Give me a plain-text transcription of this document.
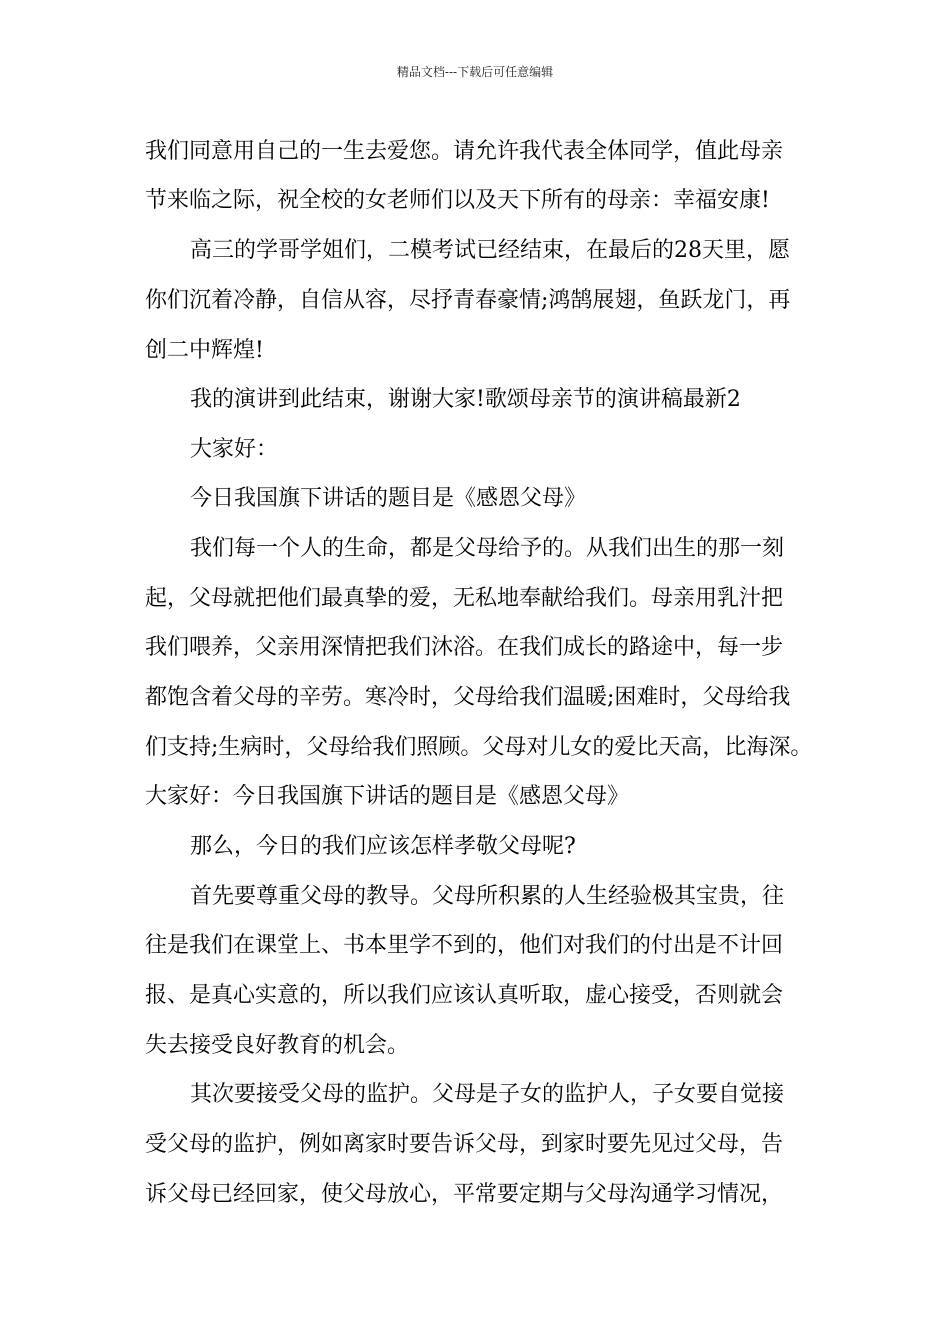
精品文档---下载后可任意编辑
我们同意用自己的一生去爱您。请允许我代表全体同学，值此母亲
节来临之际，祝全校的女老师们以及天下所有的母亲：幸福安康!
高三的学哥学姐们，二模考试已经结束，在最后的28天里，愿
你们沉着冷静，自信从容，尽抒青春豪情;鸿鹄展翅，鱼跃龙门，再
创二中辉煌!
我的演讲到此结束，谢谢大家!歌颂母亲节的演讲稿最新2
大家好：
今日我国旗下讲话的题目是《感恩父母》
我们每一个人的生命，都是父母给予的。从我们出生的那一刻
起，父母就把他们最真挚的爱，无私地奉献给我们。母亲用乳汁把
我们喂养，父亲用深情把我们沐浴。在我们成长的路途中，每一步
都饱含着父母的辛劳。寒冷时，父母给我们温暖;困难时，父母给我
们支持;生病时，父母给我们照顾。父母对儿女的爱比天高，比海深。
大家好：今日我国旗下讲话的题目是《感恩父母》
那么，今日的我们应该怎样孝敬父母呢?
首先要尊重父母的教导。父母所积累的人生经验极其宝贵，往
往是我们在课堂上、书本里学不到的，他们对我们的付出是不计回
报、是真心实意的，所以我们应该认真听取，虚心接受，否则就会
失去接受良好教育的机会。
其次要接受父母的监护。父母是子女的监护人，子女要自觉接
受父母的监护，例如离家时要告诉父母，到家时要先见过父母，告
诉父母已经回家，使父母放心，平常要定期与父母沟通学习情况，
